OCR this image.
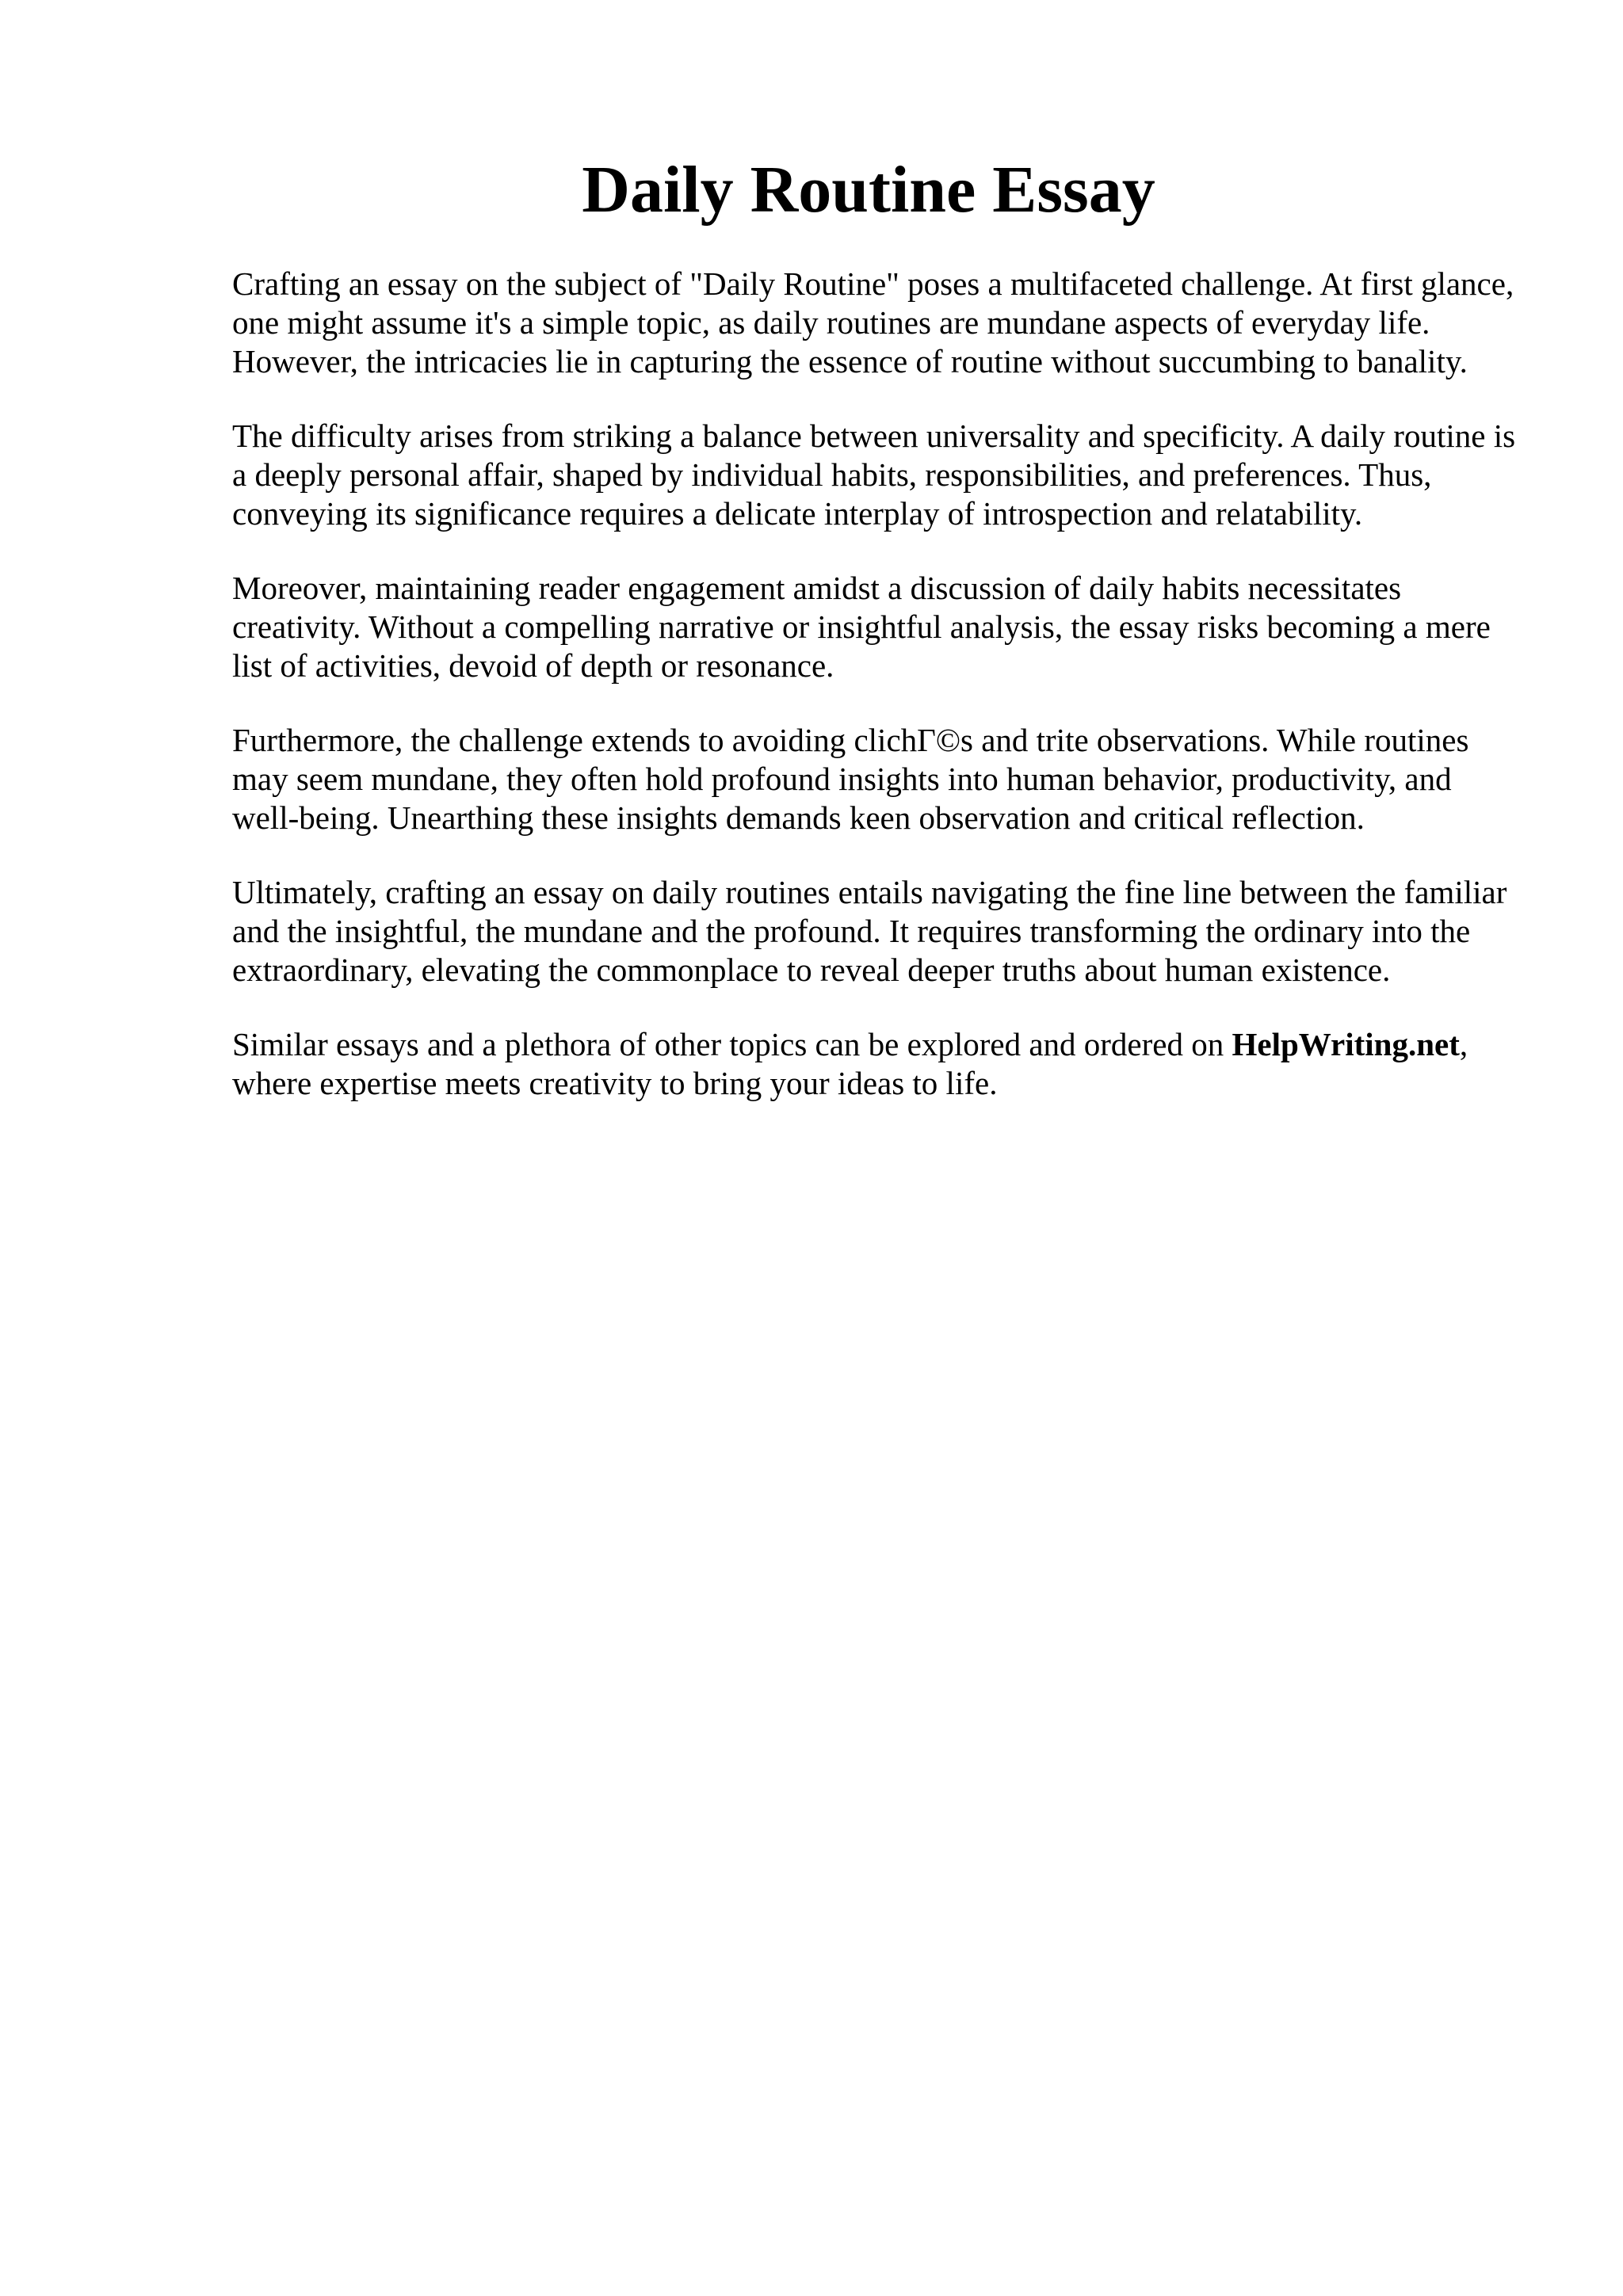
Daily Routine Essay

Crafting an essay on the subject of "Daily Routine" poses a multifaceted challenge. At first glance, one might assume it's a simple topic, as daily routines are mundane aspects of everyday life. However, the intricacies lie in capturing the essence of routine without succumbing to banality.

The difficulty arises from striking a balance between universality and specificity. A daily routine is a deeply personal affair, shaped by individual habits, responsibilities, and preferences. Thus, conveying its significance requires a delicate interplay of introspection and relatability.

Moreover, maintaining reader engagement amidst a discussion of daily habits necessitates creativity. Without a compelling narrative or insightful analysis, the essay risks becoming a mere list of activities, devoid of depth or resonance.

Furthermore, the challenge extends to avoiding clichΓ©s and trite observations. While routines may seem mundane, they often hold profound insights into human behavior, productivity, and well-being. Unearthing these insights demands keen observation and critical reflection.

Ultimately, crafting an essay on daily routines entails navigating the fine line between the familiar and the insightful, the mundane and the profound. It requires transforming the ordinary into the extraordinary, elevating the commonplace to reveal deeper truths about human existence.

Similar essays and a plethora of other topics can be explored and ordered on HelpWriting.net, where expertise meets creativity to bring your ideas to life.
